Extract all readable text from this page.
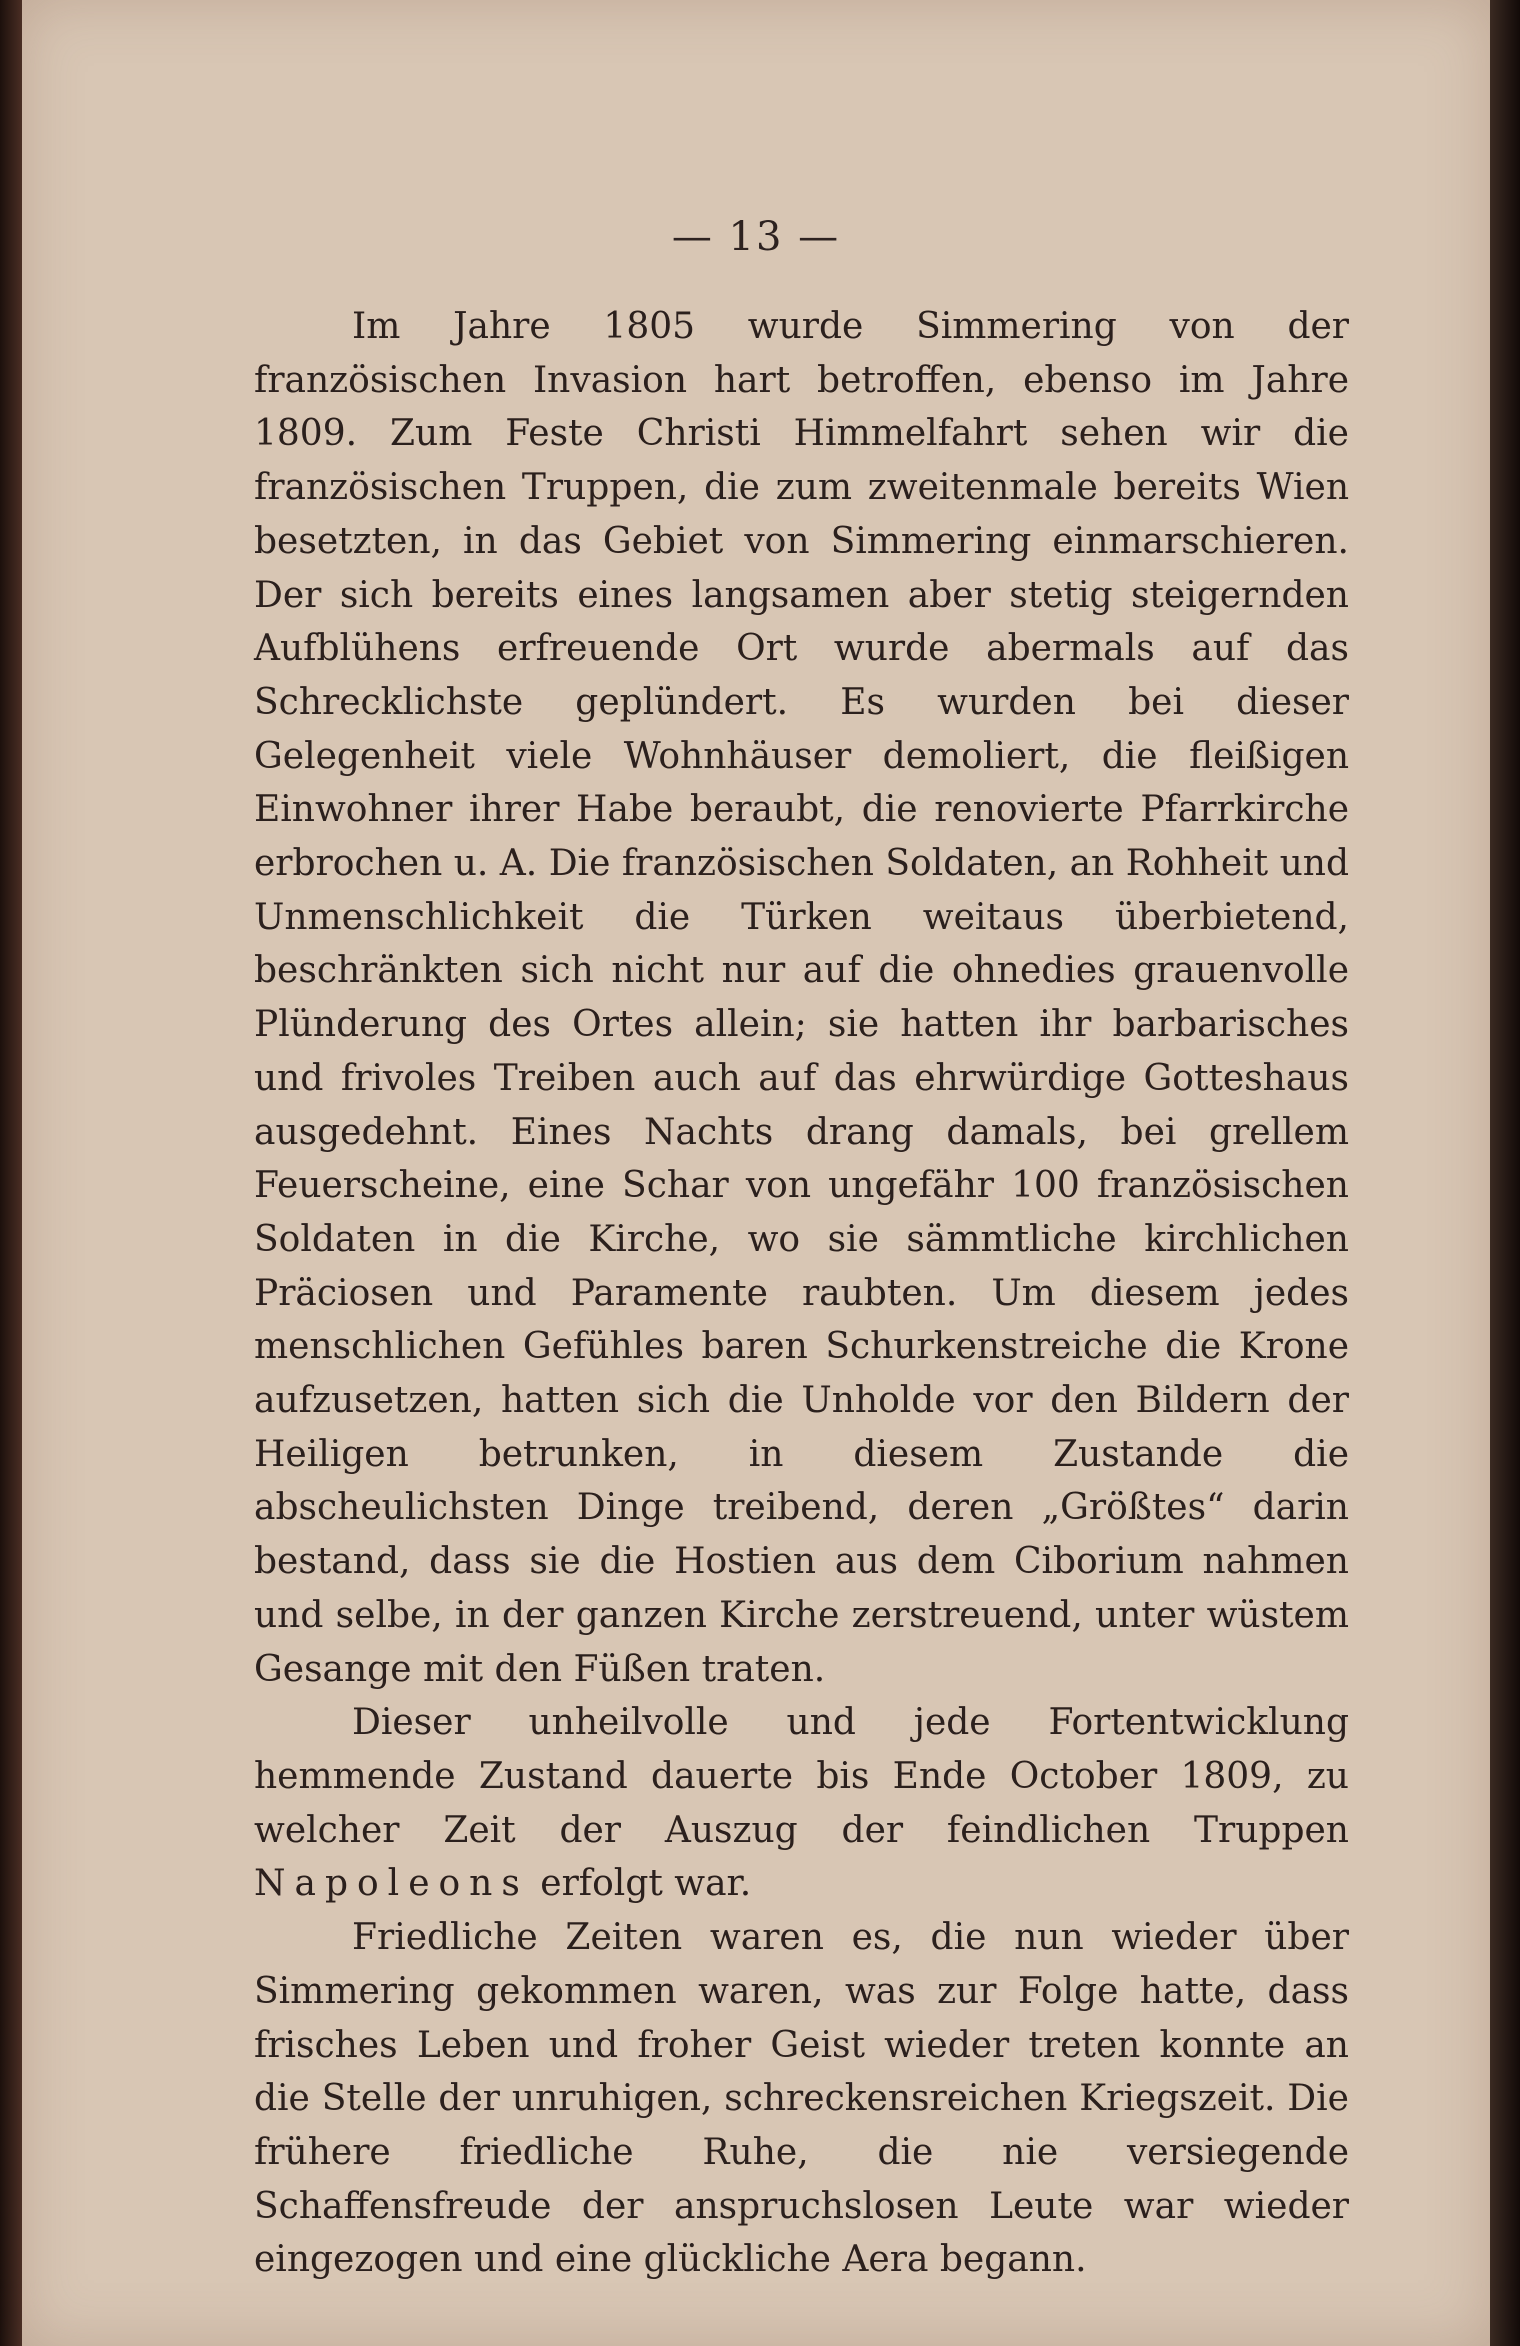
— 13 —

Im Jahre 1805 wurde Simmering von der französischen Invasion hart betroffen, ebenso im Jahre 1809. Zum Feste Christi Himmelfahrt sehen wir die französischen Truppen, die zum zweitenmale bereits Wien besetzten, in das Gebiet von Simmering einmarschieren. Der sich bereits eines langsamen aber stetig steigernden Aufblühens erfreuende Ort wurde abermals auf das Schrecklichste geplündert. Es wurden bei dieser Gelegenheit viele Wohnhäuser demoliert, die fleißigen Einwohner ihrer Habe beraubt, die renovierte Pfarrkirche erbrochen u. A. Die französischen Soldaten, an Rohheit und Unmenschlichkeit die Türken weitaus überbietend, beschränkten sich nicht nur auf die ohnedies grauenvolle Plünderung des Ortes allein; sie hatten ihr barbarisches und frivoles Treiben auch auf das ehrwürdige Gotteshaus ausgedehnt. Eines Nachts drang damals, bei grellem Feuerscheine, eine Schar von ungefähr 100 französischen Soldaten in die Kirche, wo sie sämmtliche kirchlichen Präciosen und Paramente raubten. Um diesem jedes menschlichen Gefühles baren Schurkenstreiche die Krone aufzusetzen, hatten sich die Unholde vor den Bildern der Heiligen betrunken, in diesem Zustande die abscheulichsten Dinge treibend, deren „Größtes“ darin bestand, dass sie die Hostien aus dem Ciborium nahmen und selbe, in der ganzen Kirche zerstreuend, unter wüstem Gesange mit den Füßen traten.

Dieser unheilvolle und jede Fortentwicklung hemmende Zustand dauerte bis Ende October 1809, zu welcher Zeit der Auszug der feindlichen Truppen Napoleons erfolgt war.

Friedliche Zeiten waren es, die nun wieder über Simmering gekommen waren, was zur Folge hatte, dass frisches Leben und froher Geist wieder treten konnte an die Stelle der unruhigen, schreckensreichen Kriegszeit. Die frühere friedliche Ruhe, die nie versiegende Schaffensfreude der anspruchslosen Leute war wieder eingezogen und eine glückliche Aera begann.
